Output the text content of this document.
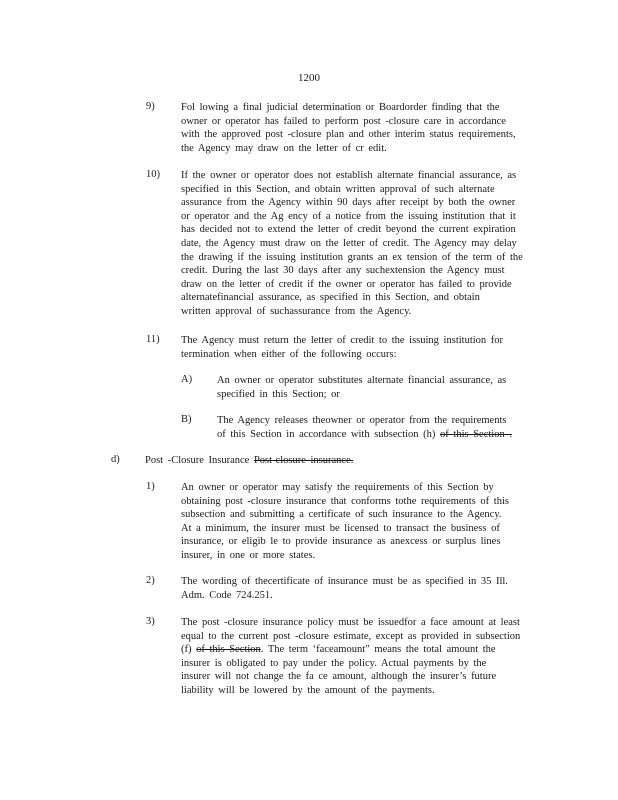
1200
9)	Fol lowing a final judicial determination or Boardorder finding that the
owner or operator has failed to perform post -closure care in accordance
with the approved post -closure plan and other interim status requirements,
the Agency may draw on the letter of cr edit.
10) If the owner or operator does not establish alternate financial assurance, as
specified in this Section, and obtain written approval of such alternate
assurance from the Agency within 90 days after receipt by both the owner
or operator and the Ag ency of a notice from the issuing institution that it
has decided not to extend the letter of credit beyond the current expiration
date, the Agency must draw on the letter of credit. The Agency may delay
the drawing if the issuing institution grants an ex tension of the term of the
credit. During the last 30 days after any suchextension the Agency must
draw on the letter of credit if the owner or operator has failed to provide
alternatefinancial assurance, as specified in this Section, and obtain
written approval of suchassurance from the Agency.
11) The Agency must return the letter of credit to the issuing institution for
termination when either of the following occurs:
A) An owner or operator substitutes alternate financial assurance, as
specified in this Section; or
B) The Agency releases theowner or operator from the requirements
of this Section in accordance with subsection (h) of this Section .
d) Post -Closure Insurance Post-closure insurance.
1)	An owner or operator may satisfy the requirements of this Section by
obtaining post -closure insurance that conforms tothe requirements of this
subsection and submitting a certificate of such insurance to the Agency.
At a minimum, the insurer must be licensed to transact the business of
insurance, or eligib le to provide insurance as anexcess or surplus lines
insurer, in one or more states.
2)	The wording of thecertificate of insurance must be as specified in 35 Ill.
Adm. Code 724.251.
3)	The post -closure insurance policy must be issuedfor a face amount at least
equal to the current post -closure estimate, except as provided in subsection
(f) of this Section. The term ‘faceamount” means the total amount the
insurer is obligated to pay under the policy. Actual payments by the
insurer will not change the fa ce amount, although the insurer’s future
liability will be lowered by the amount of the payments.
